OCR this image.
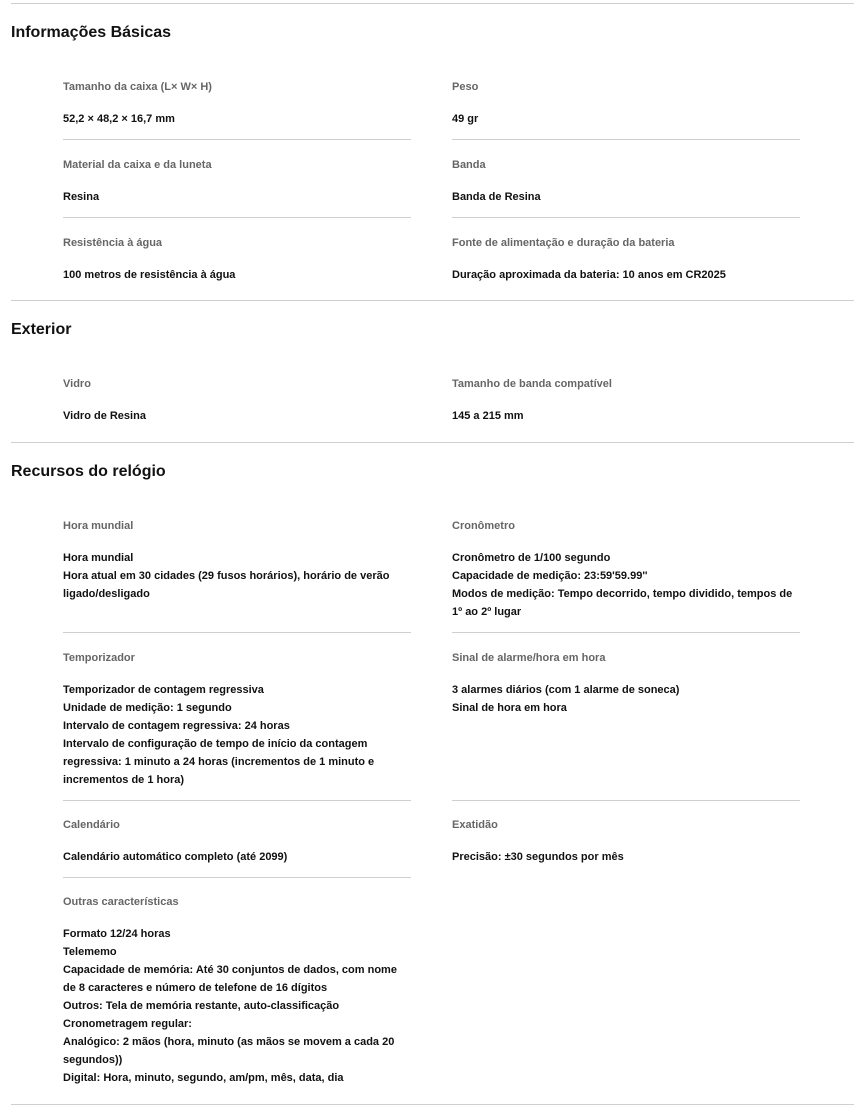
Informações Básicas
Tamanho da caixa (L× W× H)
52,2 × 48,2 × 16,7 mm
Peso
49 gr
Material da caixa e da luneta
Resina
Banda
Banda de Resina
Resistência à água
100 metros de resistência à água
Fonte de alimentação e duração da bateria
Duração aproximada da bateria: 10 anos em CR2025
Exterior
Vidro
Vidro de Resina
Tamanho de banda compatível
145 a 215 mm
Recursos do relógio
Hora mundial
Hora mundial
Hora atual em 30 cidades (29 fusos horários), horário de verão ligado/desligado
Cronômetro
Cronômetro de 1/100 segundo
Capacidade de medição: 23:59'59.99''
Modos de medição: Tempo decorrido, tempo dividido, tempos de 1º ao 2º lugar
Temporizador
Temporizador de contagem regressiva
Unidade de medição: 1 segundo
Intervalo de contagem regressiva: 24 horas
Intervalo de configuração de tempo de início da contagem regressiva: 1 minuto a 24 horas (incrementos de 1 minuto e incrementos de 1 hora)
Sinal de alarme/hora em hora
3 alarmes diários (com 1 alarme de soneca)
Sinal de hora em hora
Calendário
Calendário automático completo (até 2099)
Exatidão
Precisão: ±30 segundos por mês
Outras características
Formato 12/24 horas
Telememo
Capacidade de memória: Até 30 conjuntos de dados, com nome de 8 caracteres e número de telefone de 16 dígitos
Outros: Tela de memória restante, auto-classificação
Cronometragem regular:
Analógico: 2 mãos (hora, minuto (as mãos se movem a cada 20 segundos))
Digital: Hora, minuto, segundo, am/pm, mês, data, dia
